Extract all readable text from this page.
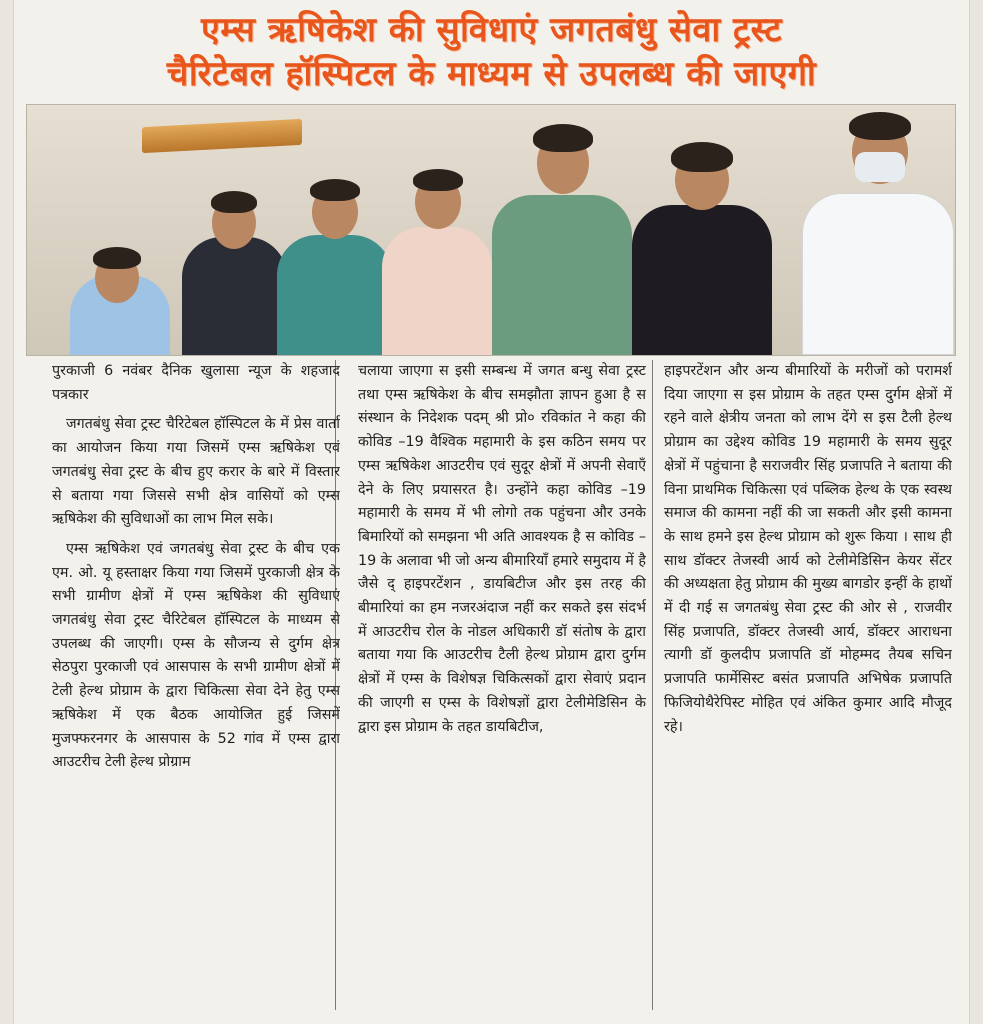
एम्स ऋषिकेश की सुविधाएं जगतबंधु सेवा ट्रस्ट
चैरिटेबल हॉस्पिटल के माध्यम से उपलब्ध की जाएगी

पुरकाजी 6 नवंबर दैनिक खुलासा न्यूज के शहजाद पत्रकार

जगतबंधु सेवा ट्रस्ट चैरिटेबल हॉस्पिटल के में प्रेस वार्ता का आयोजन किया गया जिसमें एम्स ऋषिकेश एवं जगतबंधु सेवा ट्रस्ट के बीच हुए करार के बारे में विस्तार से बताया गया जिससे सभी क्षेत्र वासियों को एम्स ऋषिकेश की सुविधाओं का लाभ मिल सके।

एम्स ऋषिकेश एवं जगतबंधु सेवा ट्रस्ट के बीच एक एम. ओ. यू हस्ताक्षर किया गया जिसमें पुरकाजी क्षेत्र के सभी ग्रामीण क्षेत्रों में एम्स ऋषिकेश की सुविधाएं जगतबंधु सेवा ट्रस्ट चैरिटेबल हॉस्पिटल के माध्यम से उपलब्ध की जाएगी। एम्स के सौजन्य से दुर्गम क्षेत्र सेठपुरा पुरकाजी एवं आसपास के सभी ग्रामीण क्षेत्रों में टेली हेल्थ प्रोग्राम के द्वारा चिकित्सा सेवा देने हेतु एम्स ऋषिकेश में एक बैठक आयोजित हुई जिसमें मुजफ्फरनगर के आसपास के 52 गांव में एम्स द्वारा आउटरीच टेली हेल्थ प्रोग्राम

चलाया जाएगा स इसी सम्बन्ध में जगत बन्धु सेवा ट्रस्ट तथा एम्स ऋषिकेश के बीच समझौता ज्ञापन हुआ है स संस्थान के निदेशक पदम् श्री प्रो० रविकांत ने कहा की कोविड –19 वैश्विक महामारी के इस कठिन समय पर एम्स ऋषिकेश आउटरीच एवं सुदूर क्षेत्रों में अपनी सेवाएँ देने के लिए प्रयासरत है। उन्होंने कहा कोविड –19 महामारी के समय में भी लोगो तक पहुंचना और उनके बिमारियों को समझना भी अति आवश्यक है स कोविड –19 के अलावा भी जो अन्य बीमारियाँ हमारे समुदाय में है जैसे द् हाइपरटेंशन , डायबिटीज और इस तरह की बीमारियां का हम नजरअंदाज नहीं कर सकते इस संदर्भ में आउटरीच रोल के नोडल अधिकारी डॉ संतोष के द्वारा बताया गया कि आउटरीच टैली हेल्थ प्रोग्राम द्वारा दुर्गम क्षेत्रों में एम्स के विशेषज्ञ चिकित्सकों द्वारा सेवाएं प्रदान की जाएगी स एम्स के विशेषज्ञों द्वारा टेलीमेडिसिन के द्वारा इस प्रोग्राम के तहत डायबिटीज,

हाइपरटेंशन और अन्य बीमारियों के मरीजों को परामर्श दिया जाएगा स इस प्रोग्राम के तहत एम्स दुर्गम क्षेत्रों में रहने वाले क्षेत्रीय जनता को लाभ देंगे स इस टैली हेल्थ प्रोग्राम का उद्देश्य कोविड 19 महामारी के समय सुदूर क्षेत्रों में पहुंचाना है सराजवीर सिंह प्रजापति ने बताया की विना प्राथमिक चिकित्सा एवं पब्लिक हेल्थ के एक स्वस्थ समाज की कामना नहीं की जा सकती और इसी कामना के साथ हमने इस हेल्थ प्रोग्राम को शुरू किया । साथ ही साथ डॉक्टर तेजस्वी आर्य को टेलीमेडिसिन केयर सेंटर की अध्यक्षता हेतु प्रोग्राम की मुख्य बागडोर इन्हीं के हाथों में दी गई स जगतबंधु सेवा ट्रस्ट की ओर से , राजवीर सिंह प्रजापति, डॉक्टर तेजस्वी आर्य, डॉक्टर आराधना त्यागी डॉ कुलदीप प्रजापति डॉ मोहम्मद तैयब सचिन प्रजापति फार्मेसिस्ट बसंत प्रजापति अभिषेक प्रजापति फिजियोथैरेपिस्ट मोहित एवं अंकित कुमार आदि मौजूद रहे।
